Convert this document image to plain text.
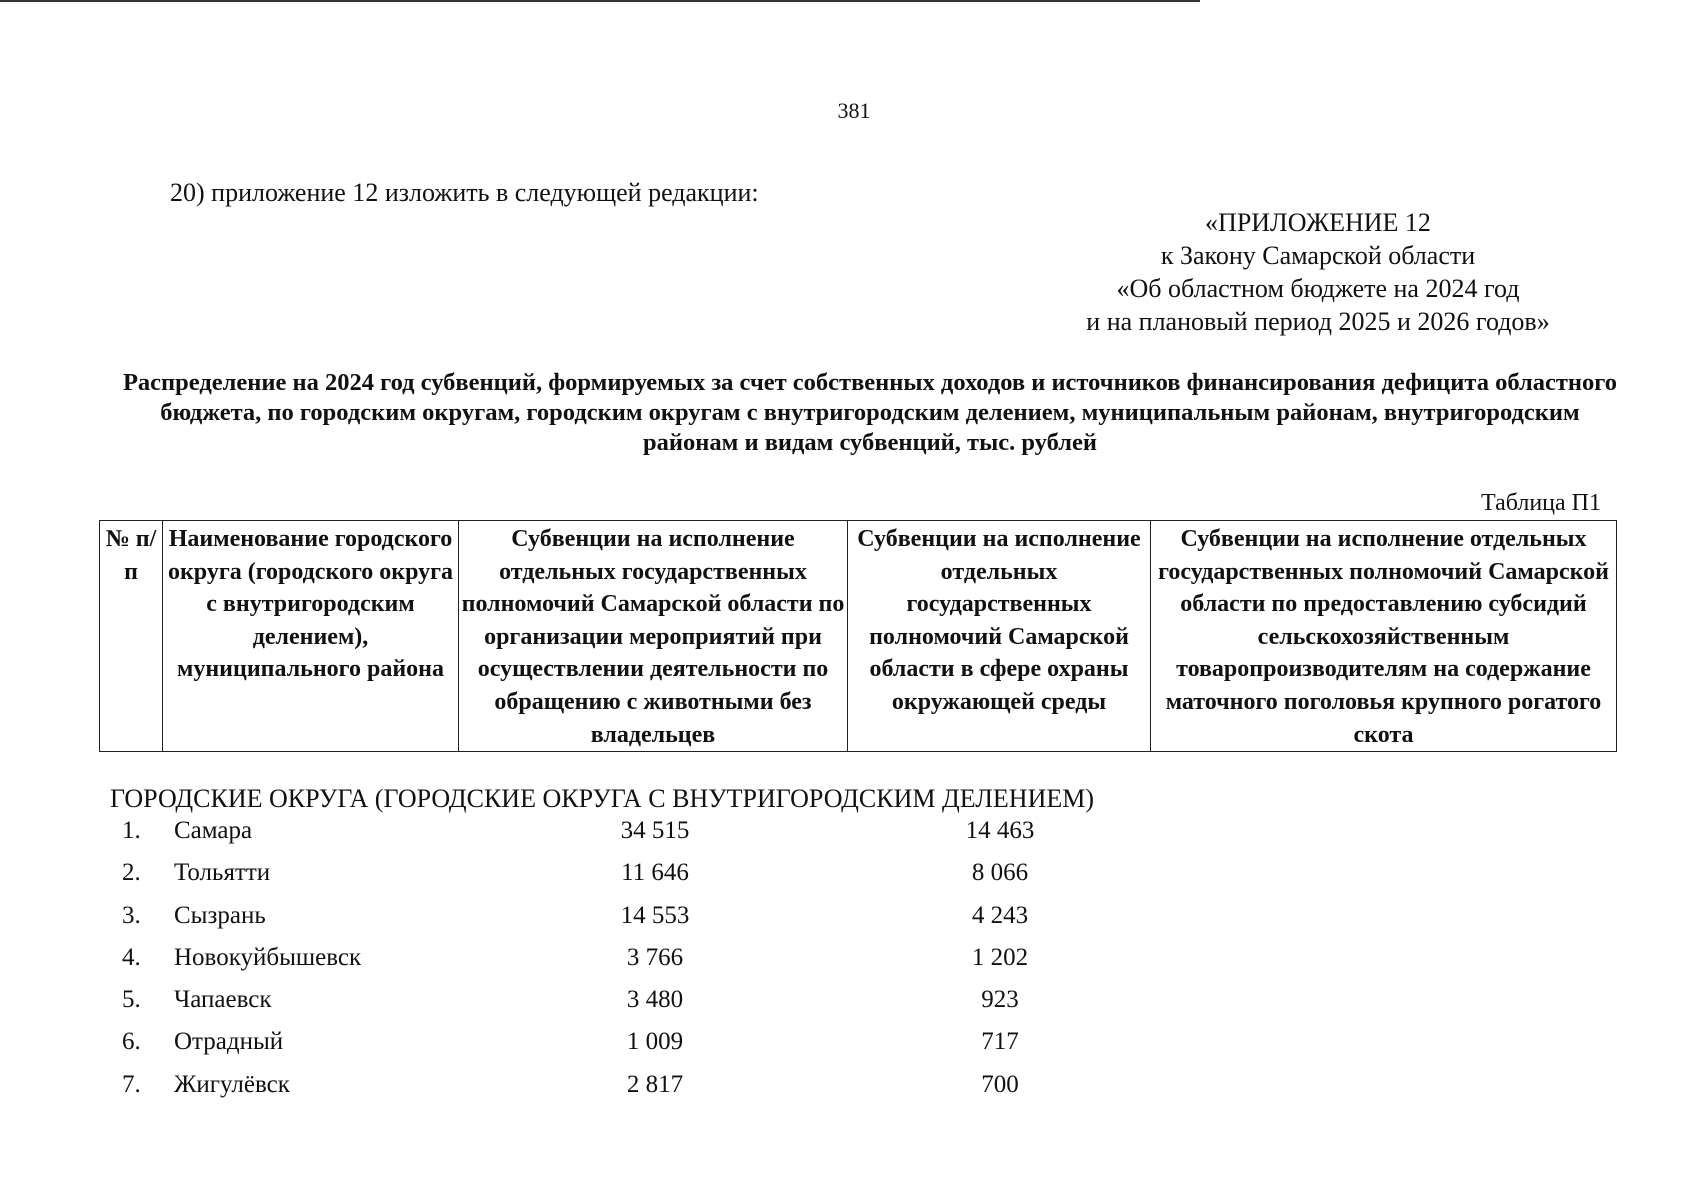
381
20) приложение 12 изложить в следующей редакции:
«ПРИЛОЖЕНИЕ 12
к Закону Самарской области
«Об областном бюджете на 2024 год
и на плановый период 2025 и 2026 годов»
Распределение на 2024 год субвенций, формируемых за счет собственных доходов и источников финансирования дефицита областного бюджета, по городским округам, городским округам с внутригородским делением, муниципальным районам, внутригородским районам и видам субвенций, тыс. рублей
Таблица П1
№ п/п	Наименование городского округа (городского округа с внутригородским делением), муниципального района	Субвенции на исполнение отдельных государственных полномочий Самарской области по организации мероприятий при осуществлении деятельности по обращению с животными без владельцев	Субвенции на исполнение отдельных государственных полномочий Самарской области в сфере охраны окружающей среды	Субвенции на исполнение отдельных государственных полномочий Самарской области по предоставлению субсидий сельскохозяйственным товаропроизводителям на содержание маточного поголовья крупного рогатого скота
ГОРОДСКИЕ ОКРУГА (ГОРОДСКИЕ ОКРУГА С ВНУТРИГОРОДСКИМ ДЕЛЕНИЕМ)
1. Самара	34 515	14 463
2. Тольятти	11 646	8 066
3. Сызрань	14 553	4 243
4. Новокуйбышевск	3 766	1 202
5. Чапаевск	3 480	923
6. Отрадный	1 009	717
7. Жигулёвск	2 817	700
